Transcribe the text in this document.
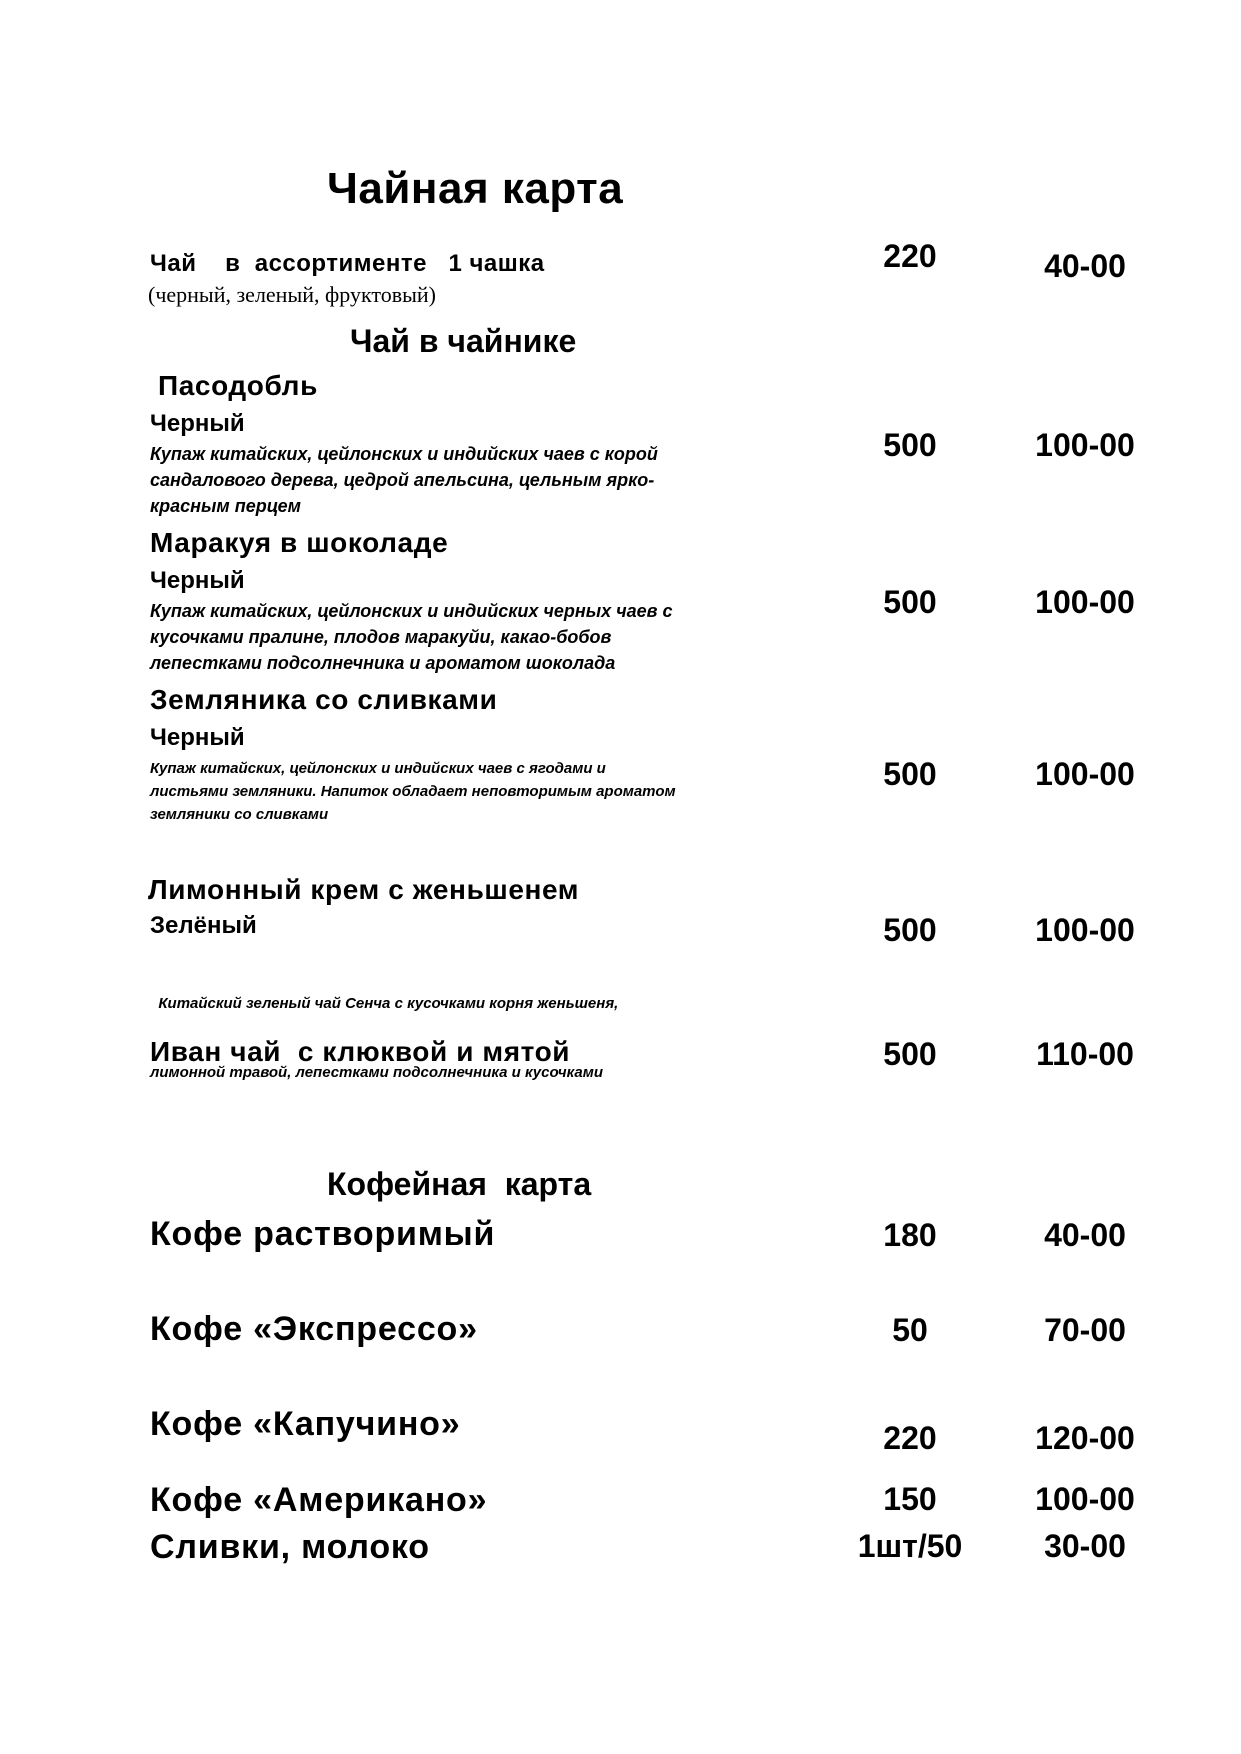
Чайная карта
Чай    в  ассортименте   1 чашка
(черный, зеленый, фруктовый)
220	40-00
Чай в чайнике
Пасодобль
Черный
Купаж китайских, цейлонских и индийских чаев с корой
сандалового дерева, цедрой апельсина, цельным ярко-
красным перцем
500	100-00
Маракуя в шоколаде
Черный
Купаж китайских, цейлонских и индийских черных чаев с
кусочками пралине, плодов маракуйи, какао-бобов
лепестками подсолнечника и ароматом шоколада
500	100-00
Земляника со сливками
Черный
Купаж китайских, цейлонских и индийских чаев с ягодами и
листьями земляники. Напиток обладает неповторимым ароматом
земляники со сливками
500	100-00
Лимонный крем с женьшенем
Зелёный

Китайский зеленый чай Сенча с кусочками корня женьшеня,

лимонной травой, лепестками подсолнечника и кусочками

500	100-00
Иван чай  с клюквой и мятой	500	110-00
Кофейная  карта
Кофе растворимый	180	40-00
Кофе «Экспрессо»	50	70-00
Кофе «Капучино»	220	120-00
Кофе «Американо»	150	100-00
Сливки, молоко	1шт/50	30-00
